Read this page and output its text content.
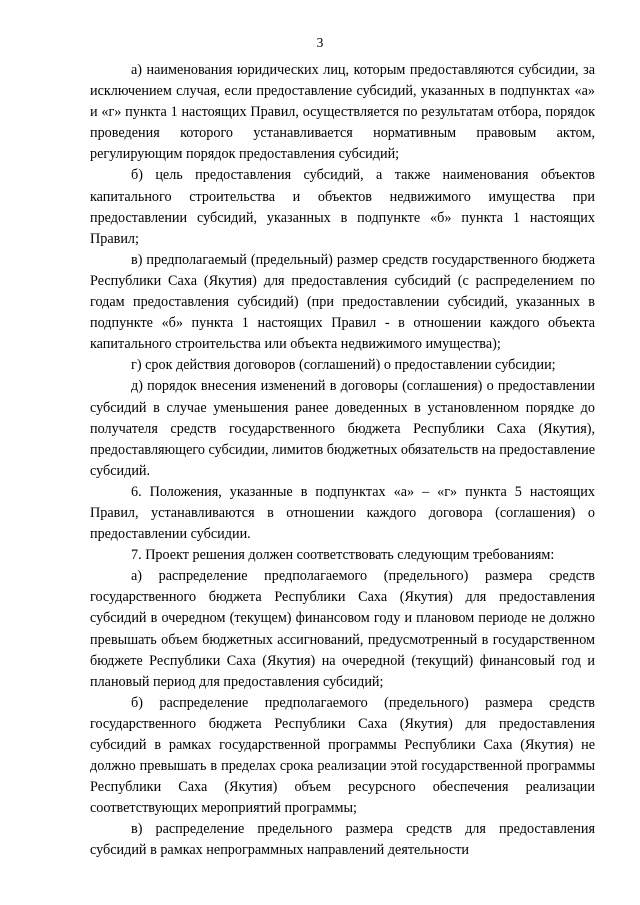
3

а) наименования юридических лиц, которым предоставляются субсидии, за исключением случая, если предоставление субсидий, указанных в подпунктах «а» и «г» пункта 1 настоящих Правил, осуществляется по результатам отбора, порядок проведения которого устанавливается нормативным правовым актом, регулирующим порядок предоставления субсидий;

б) цель предоставления субсидий, а также наименования объектов капитального строительства и объектов недвижимого имущества при предоставлении субсидий, указанных в подпункте «б» пункта 1 настоящих Правил;

в) предполагаемый (предельный) размер средств государственного бюджета Республики Саха (Якутия) для предоставления субсидий (с распределением по годам предоставления субсидий) (при предоставлении субсидий, указанных в подпункте «б» пункта 1 настоящих Правил - в отношении каждого объекта капитального строительства или объекта недвижимого имущества);

г) срок действия договоров (соглашений) о предоставлении субсидии;

д) порядок внесения изменений в договоры (соглашения) о предоставлении субсидий в случае уменьшения ранее доведенных в установленном порядке до получателя средств государственного бюджета Республики Саха (Якутия), предоставляющего субсидии, лимитов бюджетных обязательств на предоставление субсидий.

6. Положения, указанные в подпунктах «а» – «г» пункта 5 настоящих Правил, устанавливаются в отношении каждого договора (соглашения) о предоставлении субсидии.

7. Проект решения должен соответствовать следующим требованиям:

а) распределение предполагаемого (предельного) размера средств государственного бюджета Республики Саха (Якутия) для предоставления субсидий в очередном (текущем) финансовом году и плановом периоде не должно превышать объем бюджетных ассигнований, предусмотренный в государственном бюджете Республики Саха (Якутия) на очередной (текущий) финансовый год и плановый период для предоставления субсидий;

б) распределение предполагаемого (предельного) размера средств государственного бюджета Республики Саха (Якутия) для предоставления субсидий в рамках государственной программы Республики Саха (Якутия) не должно превышать в пределах срока реализации этой государственной программы Республики Саха (Якутия) объем ресурсного обеспечения реализации соответствующих мероприятий программы;

в) распределение предельного размера средств для предоставления субсидий в рамках непрограммных направлений деятельности
